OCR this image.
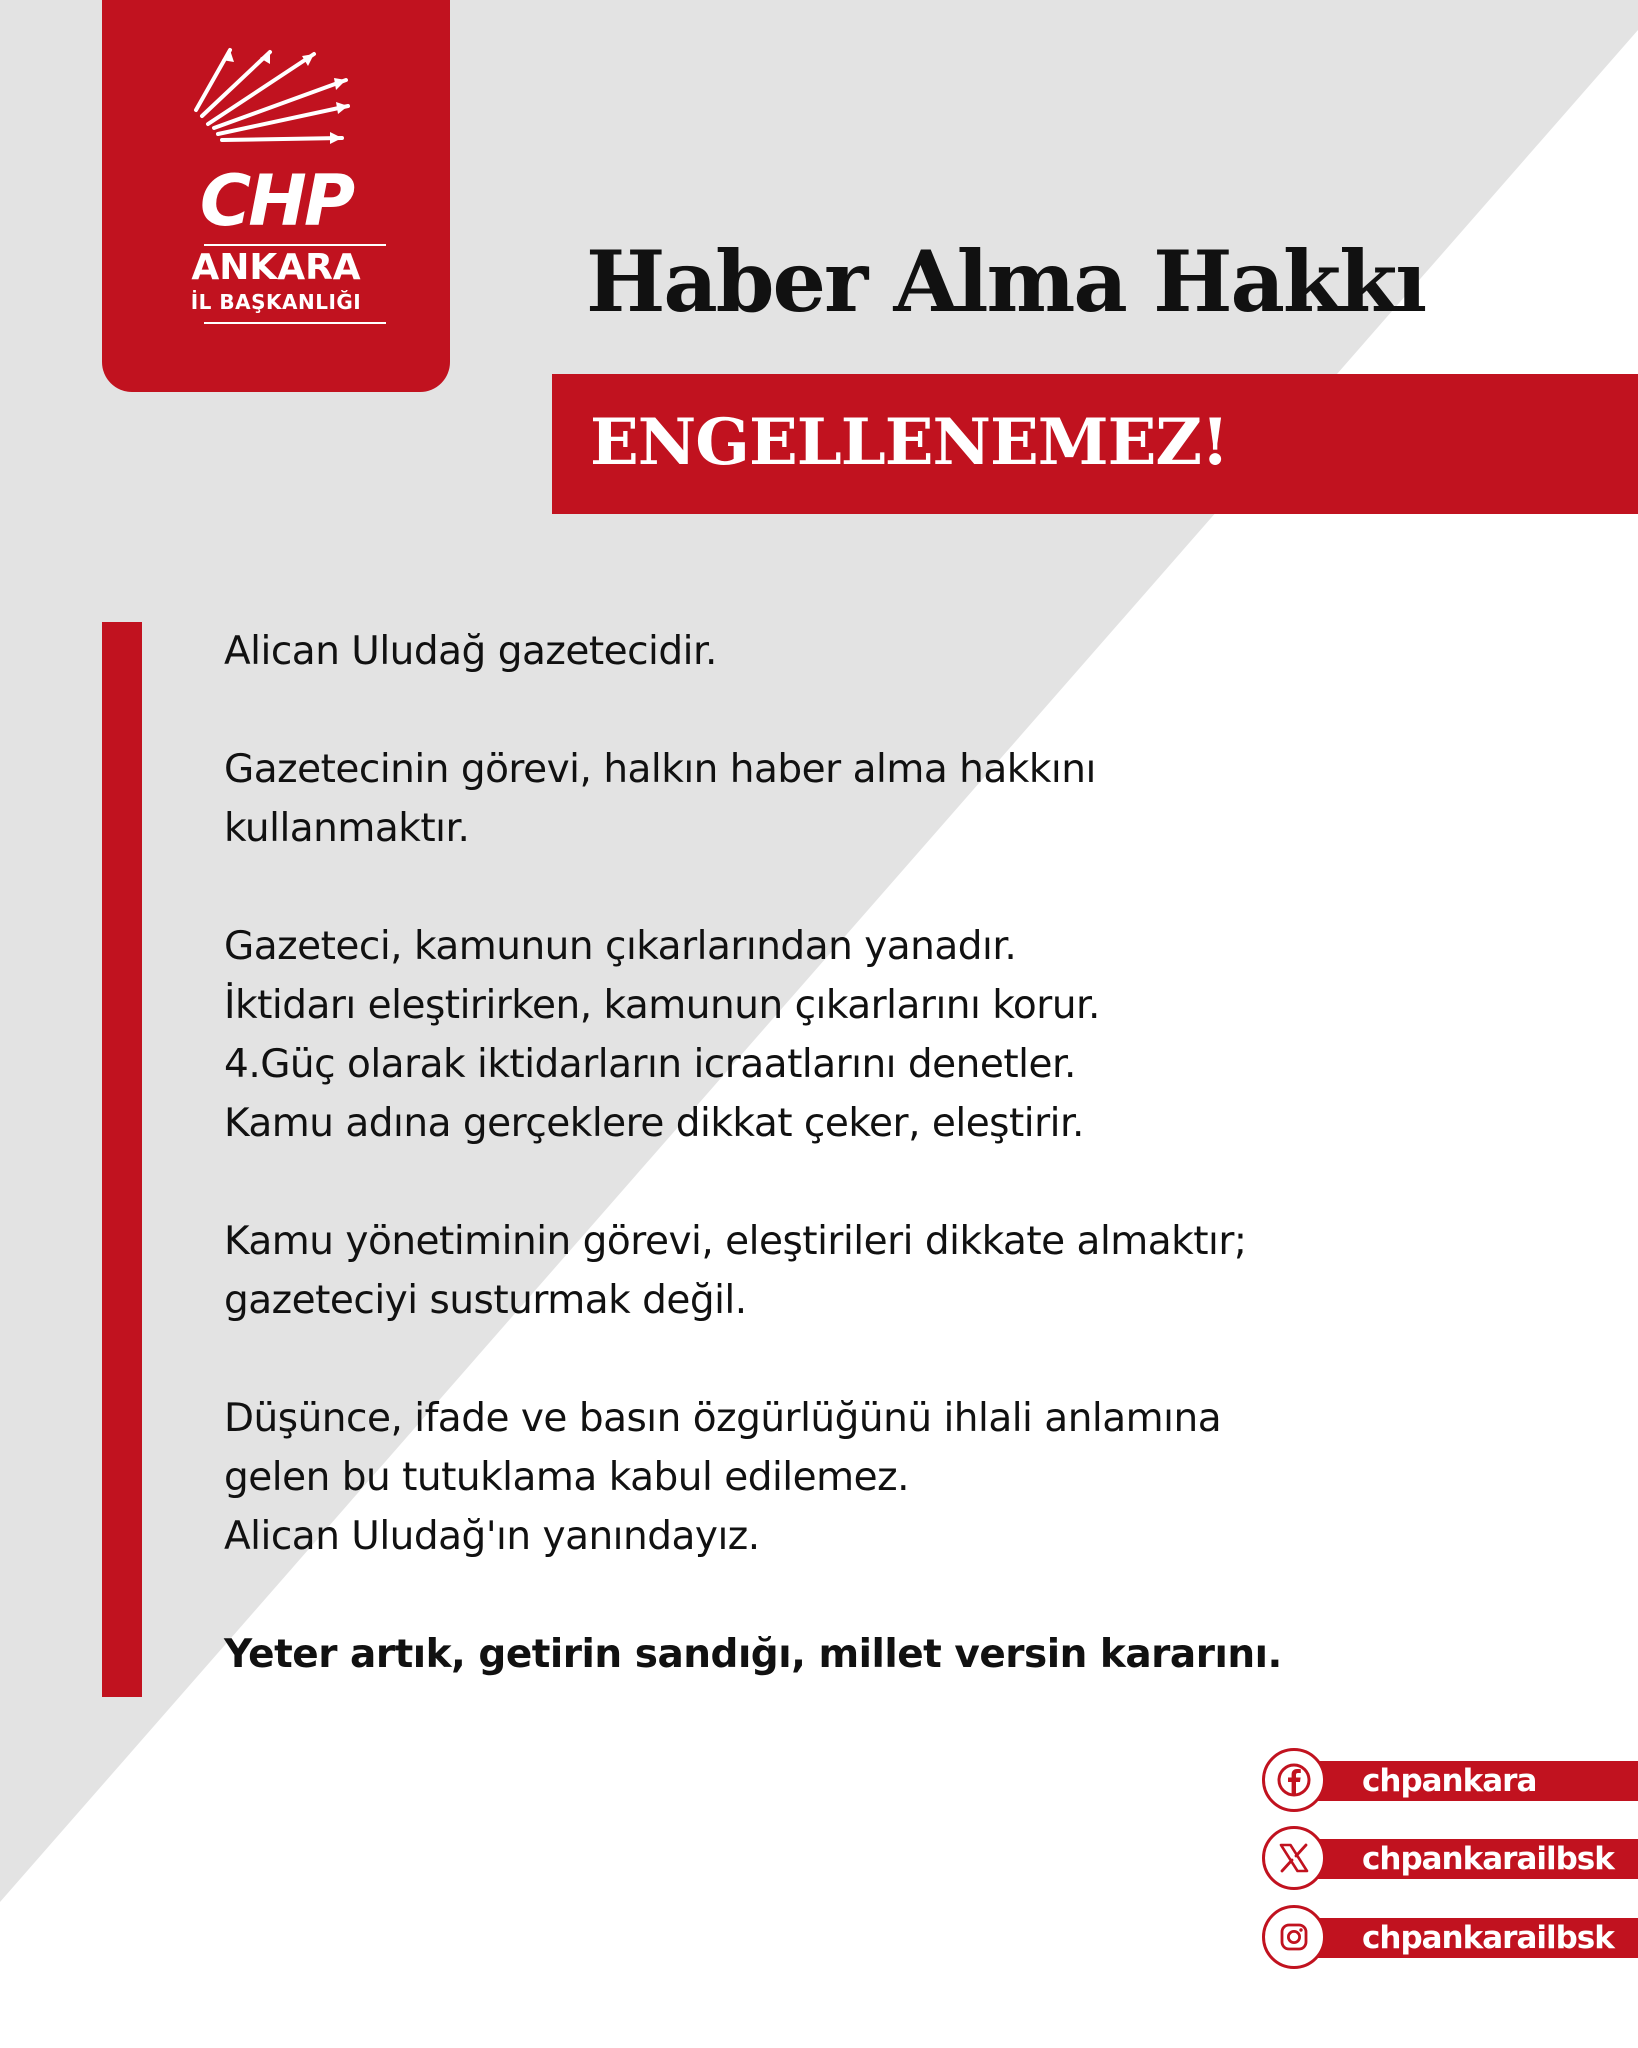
CHP
ANKARA
İL BAŞKANLIĞI	Haber Alma Hakkı
ENGELLENEMEZ!
Alican Uludağ gazetecidir.
Gazetecinin görevi, halkın haber alma hakkını
kullanmaktır.
Gazeteci, kamunun çıkarlarından yanadır.
İktidarı eleştirirken, kamunun çıkarlarını korur.
4.Güç olarak iktidarların icraatlarını denetler.
Kamu adına gerçeklere dikkat çeker, eleştirir.
Kamu yönetiminin görevi, eleştirileri dikkate almaktır;
gazeteciyi susturmak değil.
Düşünce, ifade ve basın özgürlüğünü ihlali anlamına
gelen bu tutuklama kabul edilemez.
Alican Uludağ'ın yanındayız.
Yeter artık, getirin sandığı, millet versin kararını.
chpankara
chpankarailbsk
chpankarailbsk
